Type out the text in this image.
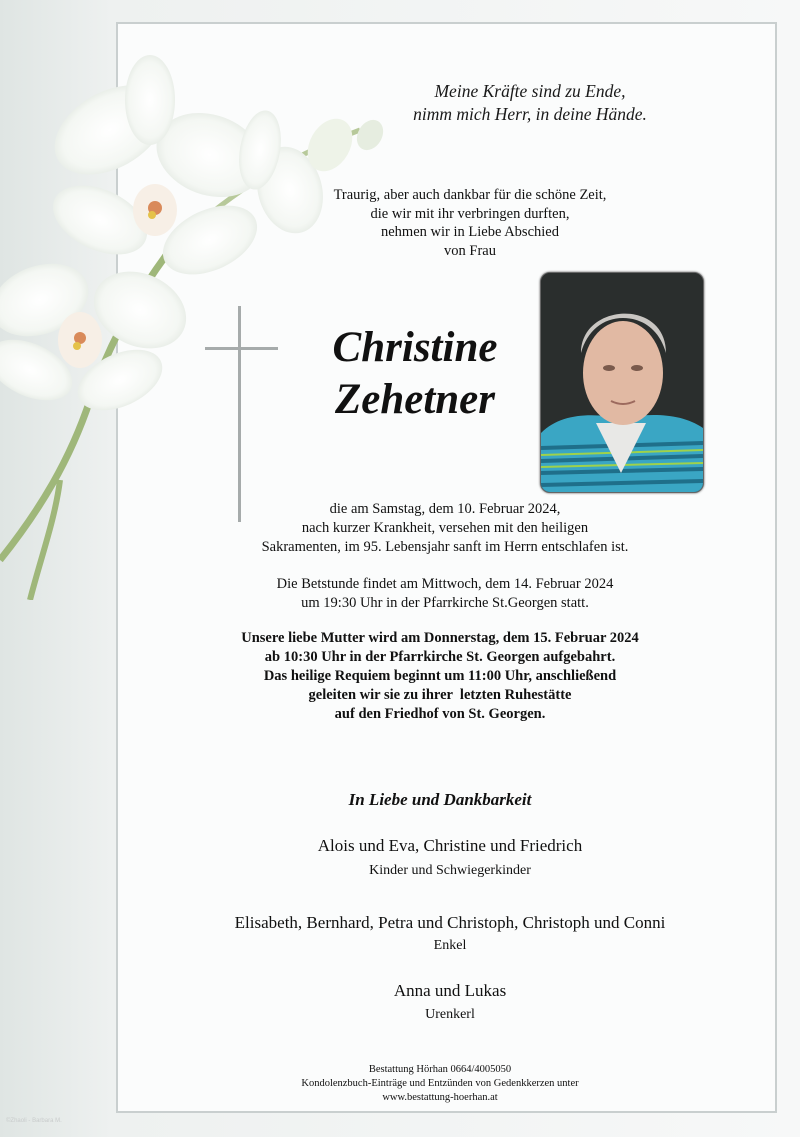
Meine Kräfte sind zu Ende,
nimm mich Herr, in deine Hände.
Traurig, aber auch dankbar für die schöne Zeit,
die wir mit ihr verbringen durften,
nehmen wir in Liebe Abschied
von Frau
Christine
Zehetner
die am Samstag, dem 10. Februar 2024,
nach kurzer Krankheit, versehen mit den heiligen
Sakramenten, im 95. Lebensjahr sanft im Herrn entschlafen ist.
Die Betstunde findet am Mittwoch, dem 14. Februar 2024
um 19:30 Uhr in der Pfarrkirche St.Georgen statt.
Unsere liebe Mutter wird am Donnerstag, dem 15. Februar 2024
ab 10:30 Uhr in der Pfarrkirche St. Georgen aufgebahrt.
Das heilige Requiem beginnt um 11:00 Uhr, anschließend
geleiten wir sie zu ihrer  letzten Ruhestätte
auf den Friedhof von St. Georgen.
In Liebe und Dankbarkeit
Alois und Eva, Christine und Friedrich
Kinder und Schwiegerkinder
Elisabeth, Bernhard, Petra und Christoph, Christoph und Conni
Enkel
Anna und Lukas
Urenkerl
Bestattung Hörhan 0664/4005050
Kondolenzbuch-Einträge und Entzünden von Gedenkkerzen unter
www.bestattung-hoerhan.at
©Zhaoli - Barbara M.
